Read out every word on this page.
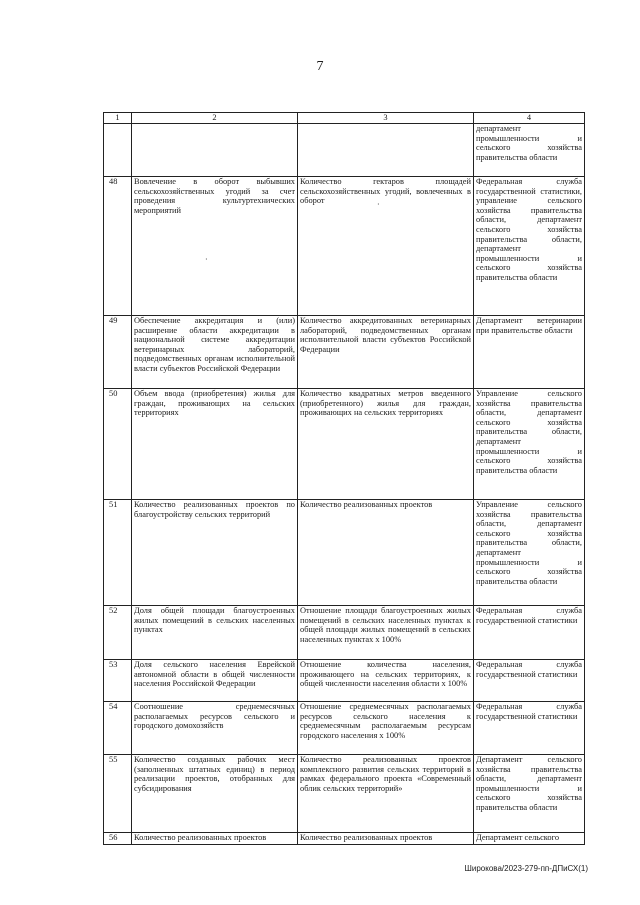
7
1	2	3	4
			департамент промышленности и сельского хозяйства правительства области
48	Вовлечение в оборот выбывших сельскохозяйственных угодий за счет проведения культуртехнических мероприятий	Количество гектаров площадей сельскохозяйственных угодий, вовлеченных в оборот	Федеральная служба государственной статистики, управление сельского хозяйства правительства области, департамент сельского хозяйства правительства области, департамент промышленности и сельского хозяйства правительства области
49	Обеспечение аккредитация и (или) расширение области аккредитации в национальной системе аккредитации ветеринарных лабораторий, подведомственных органам исполнительной власти субъектов Российской Федерации	Количество аккредитованных ветеринарных лабораторий, подведомственных органам исполнительной власти субъектов Российской Федерации	Департамент ветеринарии при правительстве области
50	Объем ввода (приобретения) жилья для граждан, проживающих на сельских территориях	Количество квадратных метров введенного (приобретенного) жилья для граждан, проживающих на сельских территориях	Управление сельского хозяйства правительства области, департамент сельского хозяйства правительства области, департамент промышленности и сельского хозяйства правительства области
51	Количество реализованных проектов по благоустройству сельских территорий	Количество реализованных проектов	Управление сельского хозяйства правительства области, департамент сельского хозяйства правительства области, департамент промышленности и сельского хозяйства правительства области
52	Доля общей площади благоустроенных жилых помещений в сельских населенных пунктах	Отношение площади благоустроенных жилых помещений в сельских населенных пунктах к общей площади жилых помещений в сельских населенных пунктах х 100%	Федеральная служба государственной статистики
53	Доля сельского населения Еврейской автономной области в общей численности населения Российской Федерации	Отношение количества населения, проживающего на сельских территориях, к общей численности населения области х 100%	Федеральная служба государственной статистики
54	Соотношение среднемесячных располагаемых ресурсов сельского и городского домохозяйств	Отношение среднемесячных располагаемых ресурсов сельского населения к среднемесячным располагаемым ресурсам городского населения х 100%	Федеральная служба государственной статистики
55	Количество созданных рабочих мест (заполненных штатных единиц) в период реализации проектов, отобранных для субсидирования	Количество реализованных проектов комплексного развития сельских территорий в рамках федерального проекта «Современный облик сельских территорий»	Департамент сельского хозяйства правительства области, департамент промышленности и сельского хозяйства правительства области
56	Количество реализованных проектов	Количество реализованных проектов	Департамент сельского
·
·
Широкова/2023-279-пп-ДПиСХ(1)
